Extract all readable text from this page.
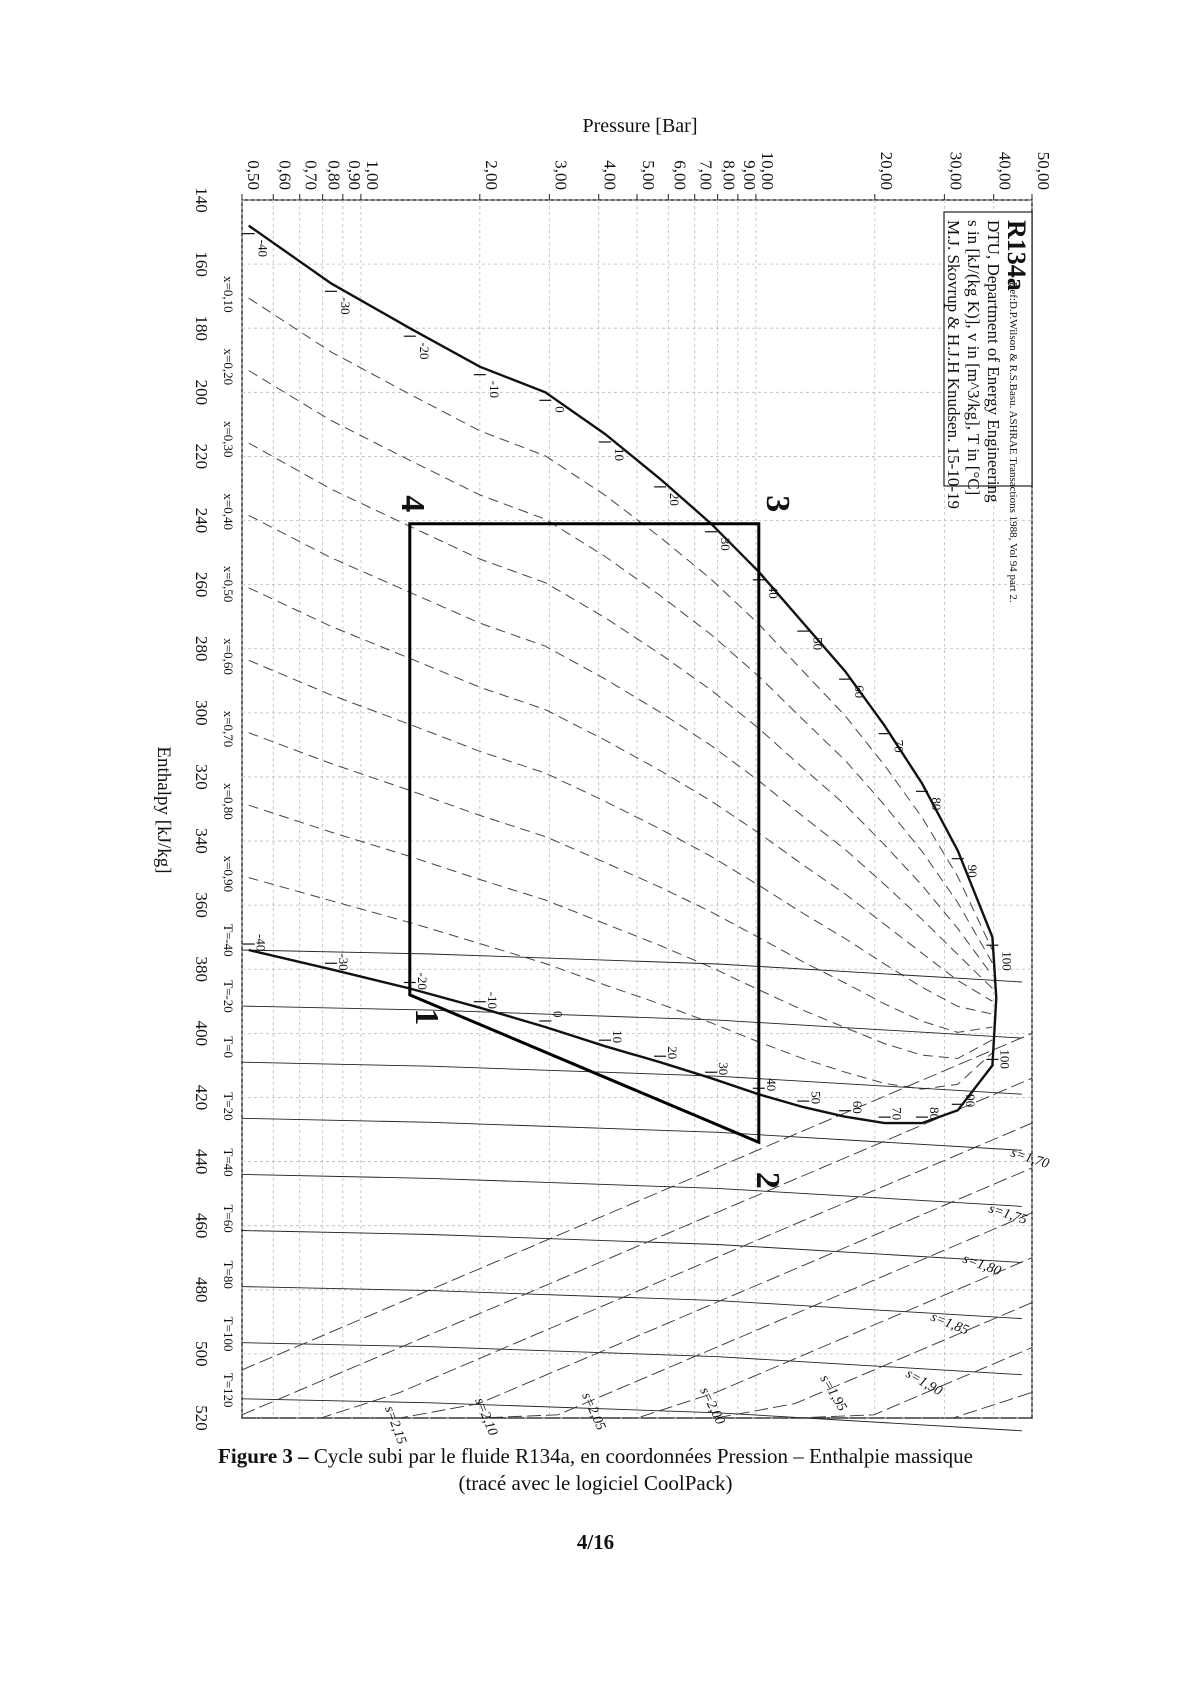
x=0,10
x=0,20
x=0,30
x=0,40
x=0,50
x=0,60
x=0,70
x=0,80
x=0,90
T=-40
T=-20
T=0
T=20
T=40
T=60
T=80
T=100
T=120
s=1,70
s=1,75
s=1,80
s=1,85
s=1,90
s=1,95
s=2,00
s=2,05
s=2,10
s=2,15
-40
-30
-20
-10
0
10
20
30
40
50
60
70
80
90
100
-40
-30
-20
-10
0
10
20
30
40
50
60 70 80
90
100
1
2
3
4
140
160
180
200
220
240
260
280
300
320
340
360
380
400
420
440
460
480
500
520
0,50 0,60 0,70 0,80 0,90 1,00	2,00	3,00 4,00 5,00 6,00 7,00 8,00 9,00 10,00	20,00	30,00 40,00 50,00
Pressure [Bar]
Enthalpy [kJ/kg]
R134a
Ref:D.P.Wilson & R.S.Basu. ASHRAE Transactions 1988, Vol 94 part 2.
DTU, Department of Energy Engineering
s in [kJ/(kg K)], v in [m^3/kg], T in [°C]
M.J. Skovrup & H.J.H Knudsen. 15-10-19
Figure 3 – Cycle subi par le fluide R134a, en coordonnées Pression – Enthalpie massique
(tracé avec le logiciel CoolPack)
4/16
